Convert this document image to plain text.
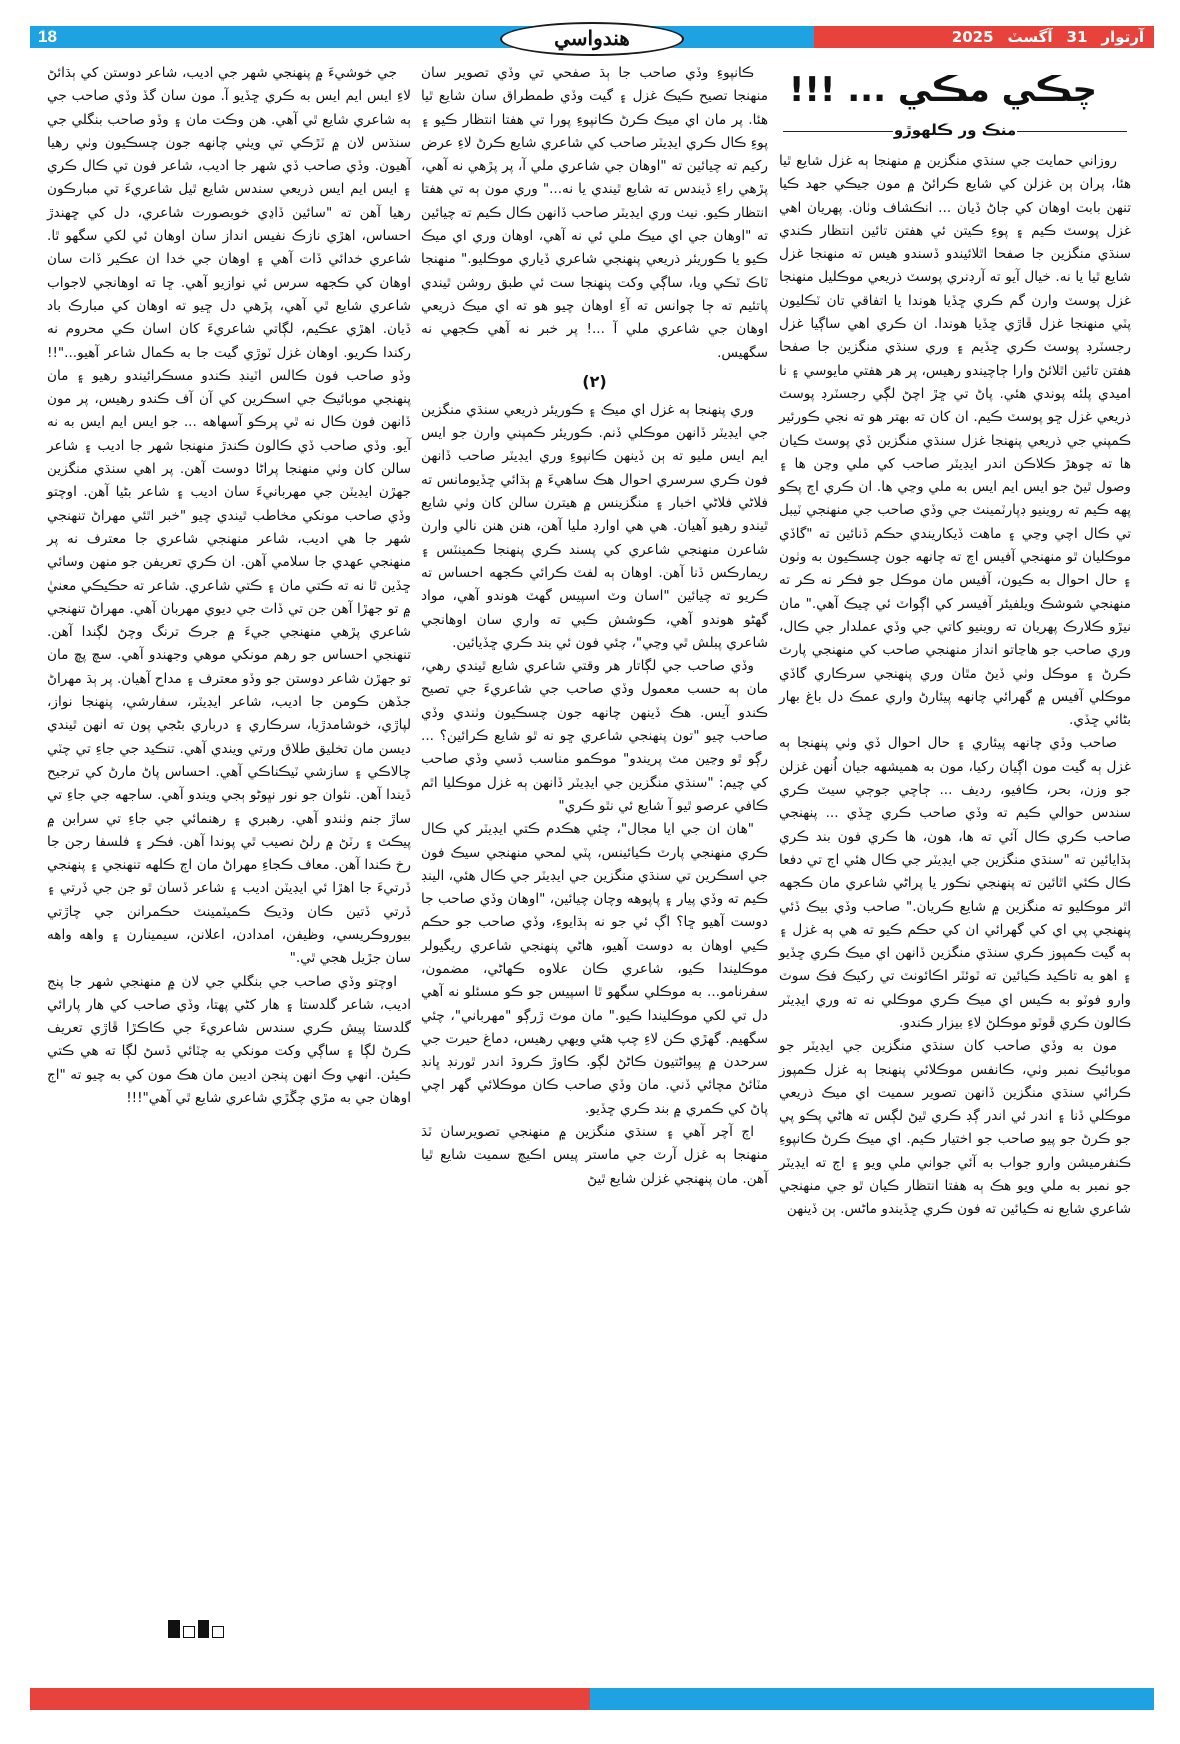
18	آرتوار31آگسٽ2025
هندواسي
چڪي مڪي ... !!!
منڪ ور ڪلهوڙو

روزاني حمايت جي سنڌي منگزين ۾ منهنجا ٻه غزل شايع ٿيا هئا، پران ٻن غزلن کي شايع ڪرائڻ ۾ مون جيڪي جهد ڪيا تنهن بابت اوهان کي ڄاڻ ڏيان ... انڪشاف وٺان. پهريان اهي غزل پوسٽ ڪيم ۽ پوءِ ڪيتن ئي هفتن تائين انتظار ڪندي سنڌي منگزين جا صفحا اٿلائيندو ڏسندو هيس ته منهنجا غزل شايع ٿيا يا نه. خيال آيو ته آرڊنري پوسٽ ذريعي موڪليل منهنجا غزل پوسٽ وارن گم ڪري ڇڏيا هوندا يا اتفاقي تان ٽڪليون پٽي منهنجا غزل ڦاڙي ڇڏيا هوندا. ان ڪري اهي ساڳيا غزل رجسٽرڊ پوسٽ ڪري ڇڏيم ۽ وري سنڌي منگزين جا صفحا هفتن تائين اٿلائڻ وارا ڄاچيندو رهيس، پر هر هفتي مايوسي ۽ نا اميدي پلئه پوندي هئي. پاڻ تي ڇڙ اچڻ لڳي رجسٽرڊ پوسٽ ذريعي غزل ڇو پوسٽ ڪيم. ان کان ته بهتر هو ته نجي ڪورئير ڪمپني جي ذريعي پنهنجا غزل سنڌي منگزين ڏي پوسٽ ڪيان ها ته چوهڙ ڪلاڪن اندر ايڊيٽر صاحب کي ملي وڃن ها ۽ وصول ٿيڻ جو ايس ايم ايس به ملي وڃي ها. ان ڪري اڄ پڪو پهه ڪيم ته روينيو ڊپارٽمينٽ جي وڏي صاحب جي منهنجي ٽيبل تي ڪال اچي وڃي ۽ ماهت ڏيکاريندي حڪم ڏنائين ته "گاڏي موڪليان ٿو منهنجي آفيس اچ ته چانهه جون چسڪيون به وٺون ۽ حال احوال به ڪيون، آفيس مان موڪل جو فڪر نه ڪر ته منهنجي شوشڪ ويلفيئر آفيسر کي اڳواٽ ئي چيڪ آهي." مان نيڙو ڪلارڪ پهريان ته روينيو کاتي جي وڏي عملدار جي ڪال، وري صاحب جو هاڃاتو انداز منهنجي صاحب کي منهنجي پارٽ ڪرڻ ۽ موڪل وٺي ڏيڻ مٿان وري پنهنجي سرڪاري گاڏي موڪلي آفيس ۾ گهرائي چانهه پيئارڻ واري عمڪ دل باغ بهار بڻائي ڇڏي.

صاحب وڏي چانهه پيئاري ۽ حال احوال ڏي وٺي پنهنجا ٻه غزل ٻه گيت مون اڳيان رکيا، مون به هميشهه جيان اُنهن غزلن جو وزن، بحر، ڪافيو، رديف ... ڄاچي جوڄي سيٽ ڪري سندس حوالي ڪيم ته وڏي صاحب ڪري ڇڏي ... پنهنجي صاحب ڪري ڪال آئي ته ها، هون، ها ڪري فون بند ڪري ٻڌايائين ته "سنڌي منگزين جي ايڊيٽر جي ڪال هئي اڄ تي دفعا ڪال ڪئي اٿائين ته پنهنجي نڪور يا پراڻي شاعري مان ڪجهه اٿر موڪليو ته منگزين ۾ شايع ڪريان." صاحب وڏي بيڪ ڏئي پنهنجي پي اي کي گهرائي ان کي حڪم ڪيو ته هي ٻه غزل ۽ ٻه گيت ڪمپوز ڪري سنڌي منگزين ڏانهن اي ميڪ ڪري ڇڏيو ۽ اهو به تاڪيد ڪيائين ته ٽوئٽر اڪائونٽ تي رکيڪ فڪ سوٽ وارو فوٽو به ڪيس اي ميڪ ڪري موڪلي نه ته وري ايڊيٽر ڪالون ڪري ڦوٽو موڪلڻ لاءِ بيزار ڪندو.

مون به وڏي صاحب کان سنڌي منگزين جي ايڊيٽر جو موبائيڪ نمبر وٺي، ڪانفس موڪلائي پنهنجا ٻه غزل ڪمپوز ڪرائي سنڌي منگزين ڏانهن تصوير سميت اي ميڪ ذريعي موڪلي ڏنا ۽ اندر ئي اندر ڳڊ ڪري ٿيڻ لڳس ته هاڻي پڪو پي جو ڪرڻ جو پيو صاحب جو اختيار ڪيم. اي ميڪ ڪرڻ ڪانپوءِ ڪنفرميشن وارو جواب به آئي جواني ملي ويو ۽ اڄ ته ايڊيٽر جو نمبر به ملي ويو هڪ ٻه هفتا انتظار ڪيان ٿو جي منهنجي شاعري شايع نه ڪيائين ته فون ڪري ڇڏيندو ماڻس. ٻن ڏينهن

ڪانپوءِ وڏي صاحب جا ٻڌ صفحي تي وڏي تصوير سان منهنجا تصيح ڪيڪ غزل ۽ گيت وڏي طمطراق سان شايع ٿيا هئا. پر مان اي ميڪ ڪرڻ ڪانپوءِ پورا تي هفتا انتظار ڪيو ۽ پوءِ ڪال ڪري ايڊيٽر صاحب کي شاعري شايع ڪرڻ لاءِ عرض رکيم ته چيائين ته "اوهان جي شاعري ملي آ، پر پڙهي نه آهي، پڙهي راءِ ڏيندس ته شايع ٿيندي يا نه..." وري مون ٻه تي هفتا انتظار ڪيو. نيٺ وري ايڊيٽر صاحب ڏانهن ڪال ڪيم ته چيائين ته "اوهان جي اي ميڪ ملي ئي نه آهي، اوهان وري اي ميڪ ڪيو يا ڪوريئر ذريعي پنهنجي شاعري ڏياري موڪليو." منهنجا ٽاڪ ٽڪي ويا، ساڳي وکت پنهنجا ست ئي طبق روشن ٿيندي پاتئيم ته ڄا چوانس ته آءِ اوهان چيو هو ته اي ميڪ ذريعي اوهان جي شاعري ملي آ ...! پر خبر نه آهي ڪجهي نه سگهيس.

(٢)

وري پنهنجا ٻه غزل اي ميڪ ۽ ڪوريئر ذريعي سنڌي منگزين جي ايڊيٽر ڏانهن موڪلي ڏنم. ڪوريئر ڪمپني وارن جو ايس ايم ايس مليو ته ٻن ڏينهن ڪانپوءِ وري ايڊيٽر صاحب ڏانهن فون ڪري سرسري احوال هڪ ساهيءَ ۾ ٻڌائي ڇڏيومانس ته فلاڻي فلاڻي اخبار ۽ منگزينس ۾ هيترن سالن کان وٺي شايع ٿيندو رهيو آهيان. هي هي اوارڊ مليا آهن، هنن هنن نالي وارن شاعرن منهنجي شاعري کي پسند ڪري پنهنجا ڪمينٽس ۽ ريمارڪس ڏنا آهن. اوهان ٻه لفٽ ڪرائي ڪجهه احساس ته ڪريو ته چيائين "اسان وٽ اسپيس گهٽ هوندو آهي، مواد گهڻو هوندو آهي، ڪوشش ڪبي ته واري سان اوهانجي شاعري پبلش ٿي وڃي"، چئي فون ئي بند ڪري ڇڏيائين.

وڏي صاحب جي لڳاتار هر وقتي شاعري شايع ٿيندي رهي، مان ٻه حسب معمول وڏي صاحب جي شاعريءَ جي تصيح ڪندو آيس. هڪ ڏينهن چانهه جون چسڪيون وٺندي وڏي صاحب چيو "تون پنهنجي شاعري ڇو نه ٿو شايع ڪرائين؟ ... رڳو ٿو وڃين مٽ پريندو" موڪمو مناسب ڏسي وڏي صاحب کي چيم: "سنڌي منگزين جي ايڊيٽر ڏانهن ٻه غزل موڪليا اٿم ڪافي عرصو ٿيو آ شايع ئي نٿو ڪري"

"هان ان جي ايا مجال"، چئي هڪدم ڪتي ايڊيٽر کي ڪال ڪري منهنجي پارٽ ڪيائينس، پٽي لمحي منهنجي سيڪ فون جي اسڪرين تي سنڌي منگزين جي ايڊيٽر جي ڪال هئي، الينڊ ڪيم ته وڏي پيار ۽ پاپوهه وچان چيائين، "اوهان وڏي صاحب جا دوست آهيو ڇا؟ اڳ ئي جو نه ٻڌايوءِ، وڏي صاحب جو حڪم ڪيي اوهان به دوست آهيو، هاڻي پنهنجي شاعري ريگيولر موڪليندا ڪيو، شاعري ڪان علاوه ڪهاڻي، مضمون، سفرنامو... به موڪلي سگهو ٿا اسپيس جو ڪو مسئلو نه آهي دل تي لکي موڪليندا ڪيو." مان موٽ ڙرڳو "مهرباني"، چئي سگهيم. گهڙي ڪن لاءِ چپ هئي ويهي رهيس، دماغ حيرت جي سرحدن ۾ پيواڻتيون ڪاڻڻ لڳو. ڪاوڙ ڪروڌ اندر ٿورنڊ ڀانڊ مٽائڻ مچائي ڏني. مان وڏي صاحب ڪان موڪلائي گهر اچي پاڻ کي ڪمري ۾ بند ڪري ڇڏيو.

اڄ آچر آهي ۽ سنڌي منگزين ۾ منهنجي تصويرسان ٽڌ منهنجا ٻه غزل آرٽ جي ماستر پيس اڪيچ سميت شايع ٿيا آهن. مان پنهنجي غزلن شايع ٿيڻ

جي خوشيءَ ۾ پنهنجي شهر جي اديب، شاعر دوستن کي ٻڌائڻ لاءِ ايس ايم ايس به ڪري ڇڏيو آ. مون سان گڏ وڏي صاحب جي ٻه شاعري شايع ٿي آهي. هن وڪت مان ۽ وڏو صاحب بنگلي جي سنڌس لان ۾ ٽڙڪي تي ويٺي چانهه جون چسڪيون وٺي رهيا آهيون. وڏي صاحب ڏي شهر جا اديب، شاعر فون تي ڪال ڪري ۽ ايس ايم ايس ذريعي سندس شايع ٿيل شاعريءَ تي مبارڪون رهيا آهن ته "سائين ڏاڍي خوبصورت شاعري، دل کي ڇهندڙ احساس، اهڙي نازڪ نفيس انداز سان اوهان ئي لکي سگهو ٿا. شاعري خدائي ڏات آهي ۽ اوهان جي خدا ان عڪير ڏات سان اوهان کي ڪجهه سرس ئي نوازيو آهي. ڇا ته اوهانجي لاجواب شاعري شايع ٿي آهي، پڙهي دل ڇيو ته اوهان کي مبارڪ باد ڏيان. اهڙي عڪيم، لڳاتي شاعريءَ کان اسان ڪي محروم نه رکندا ڪريو. اوهان غزل ٽوڙي گيت جا به ڪمال شاعر آهيو..."!! وڏو صاحب فون ڪالس اٽينڊ ڪندو مسڪرائيندو رهيو ۽ مان پنهنجي موبائيڪ جي اسڪرين کي آن آف ڪندو رهيس، پر مون ڏانهن فون ڪال نه ٿي پرڪو آسهاهه ... جو ايس ايم ايس به نه آيو. وڏي صاحب ڏي ڪالون ڪندڙ منهنجا شهر جا اديب ۽ شاعر سالن کان وٺي منهنجا پراڻا دوست آهن. پر اهي سنڌي منگزين جهڙن ايڊيٽن جي مهربانيءَ سان اديب ۽ شاعر بڻيا آهن. اوچتو وڏي صاحب مونکي مخاطب ٿيندي چيو "خبر اٿئي مهراڻ تنهنجي شهر جا هي اديب، شاعر منهنجي شاعري جا معترف نه پر منهنجي عهدي جا سلامي آهن. ان ڪري تعريفن جو منهن وسائي ڇڏين ٿا نه ته ڪتي مان ۽ ڪتي شاعري. شاعر ته حڪيڪي معنيٰ ۾ تو جهڙا آهن جن تي ڏات جي ديوي مهربان آهي. مهراڻ تنهنجي شاعري پڙهي منهنجي جيءَ ۾ جرڪ ترنگ وچڻ لڳندا آهن. تنهنجي احساس جو رهم مونکي موهي وجهندو آهي. سچ پڇ مان تو جهڙن شاعر دوستن جو وڏو معترف ۽ مداح آهيان. پر ٻڌ مهراڻ جڏهن ڪومن جا اديب، شاعر ايڊيٽر، سفارشي، پنهنجا نواز، لپاڙي، خوشامدڙيا، سرڪاري ۽ درباري بڻجي پون ته انهن ٿيندي ديسن مان تخليق طلاق ورتي ويندي آهي. تنڪيد جي جاءِ تي چٽي چالاڪي ۽ سازشي ٽيڪناڪي آهي. احساس پاڻ مارڻ کي ترجيح ڏيندا آهن. نئوان جو نور نڀوڻو ٻجي ويندو آهي. ساجهه جي جاءِ تي ساڙ جنم وٺندو آهي. رهبري ۽ رهنمائي جي جاءِ تي سرابن ۾ پيڪٽ ۽ رٽڻ ۾ رلڻ نصيب ٿي پوندا آهن. فڪر ۽ فلسفا رجن جا رخ ڪندا آهن. معاف ڪجاءِ مهراڻ مان اڄ ڪلهه تنهنجي ۽ پنهنجي ڏرتيءَ جا اهڙا ئي ايڊيٽن اديب ۽ شاعر ڏسان ٿو جن جي ڏرتي ۽ ڏرتي ڏتين ڪان وڌيڪ ڪميٽمينٽ حڪمرانن جي چاڙتي بيوروڪريسي، وظيفن، امدادن، اعلانن، سيمينارن ۽ واهه واهه سان جڙيل هجي ٿي."

اوچتو وڏي صاحب جي بنگلي جي لان ۾ منهنجي شهر جا پنج اديب، شاعر گلدستا ۽ هار کڻي پهتا، وڏي صاحب کي هار پارائي گلدستا پيش ڪري سندس شاعريءَ جي ڪاڪڙا ڦاڙي تعريف ڪرڻ لڳا ۽ ساڳي وکت مونکي به چٽائي ڏسڻ لڳا ته هي ڪتي ڪيئن. انهي وڪ انهن پنجن اديبن مان هڪ مون کي به چيو ته "اڄ اوهان جي به مڙي چڱڙي شاعري شايع ٿي آهي"!!!
